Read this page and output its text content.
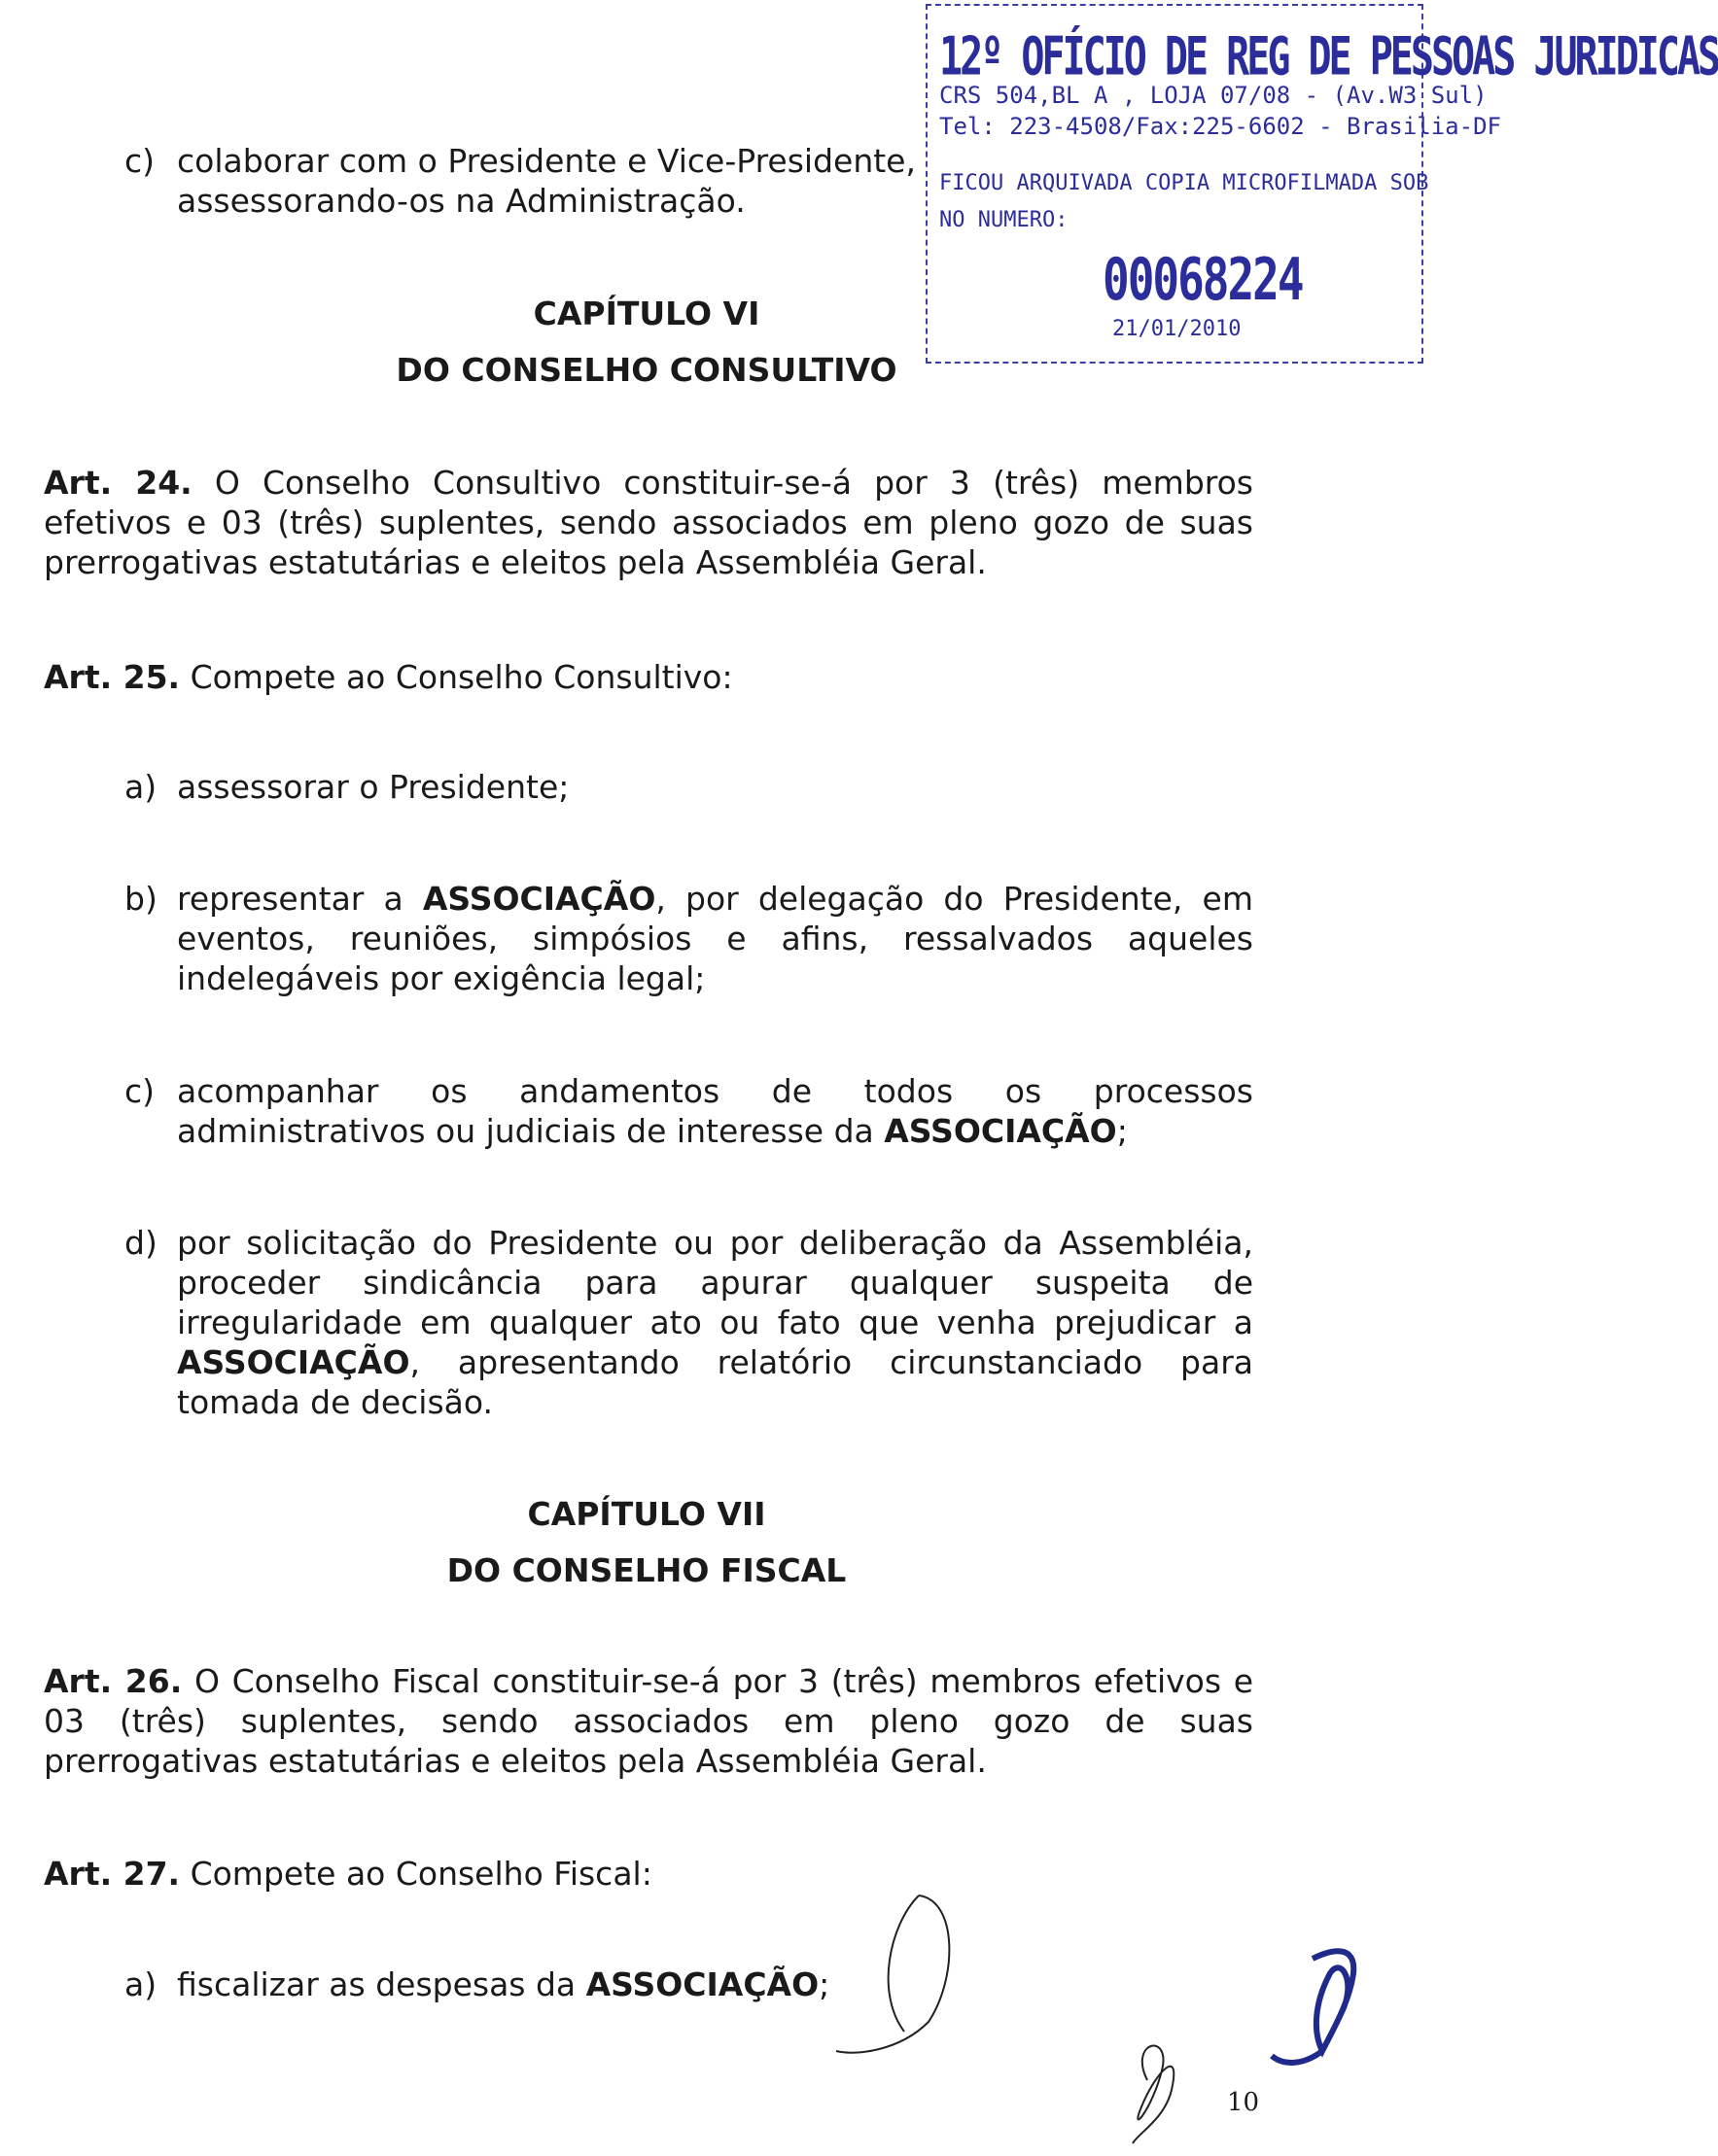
12º OFÍCIO DE REG DE PESSOAS JURIDICAS
CRS 504,BL A , LOJA 07/08 - (Av.W3 Sul)
Tel: 223-4508/Fax:225-6602 - Brasilia-DF
FICOU ARQUIVADA COPIA MICROFILMADA SOB
NO NUMERO:
00068224
21/01/2010
c) colaborar com o Presidente e Vice-Presidente, assessorando-os na Administração.
CAPÍTULO VI
DO CONSELHO CONSULTIVO
Art. 24. O Conselho Consultivo constituir-se-á por 3 (três) membros efetivos e 03 (três) suplentes, sendo associados em pleno gozo de suas prerrogativas estatutárias e eleitos pela Assembléia Geral.
Art. 25. Compete ao Conselho Consultivo:
a) assessorar o Presidente;
b) representar a ASSOCIAÇÃO, por delegação do Presidente, em eventos, reuniões, simpósios e afins, ressalvados aqueles indelegáveis por exigência legal;
c) acompanhar os andamentos de todos os processos administrativos ou judiciais de interesse da ASSOCIAÇÃO;
d) por solicitação do Presidente ou por deliberação da Assembléia, proceder sindicância para apurar qualquer suspeita de irregularidade em qualquer ato ou fato que venha prejudicar a ASSOCIAÇÃO, apresentando relatório circunstanciado para tomada de decisão.
CAPÍTULO VII
DO CONSELHO FISCAL
Art. 26. O Conselho Fiscal constituir-se-á por 3 (três) membros efetivos e 03 (três) suplentes, sendo associados em pleno gozo de suas prerrogativas estatutárias e eleitos pela Assembléia Geral.
Art. 27. Compete ao Conselho Fiscal:
a) fiscalizar as despesas da ASSOCIAÇÃO;
10
